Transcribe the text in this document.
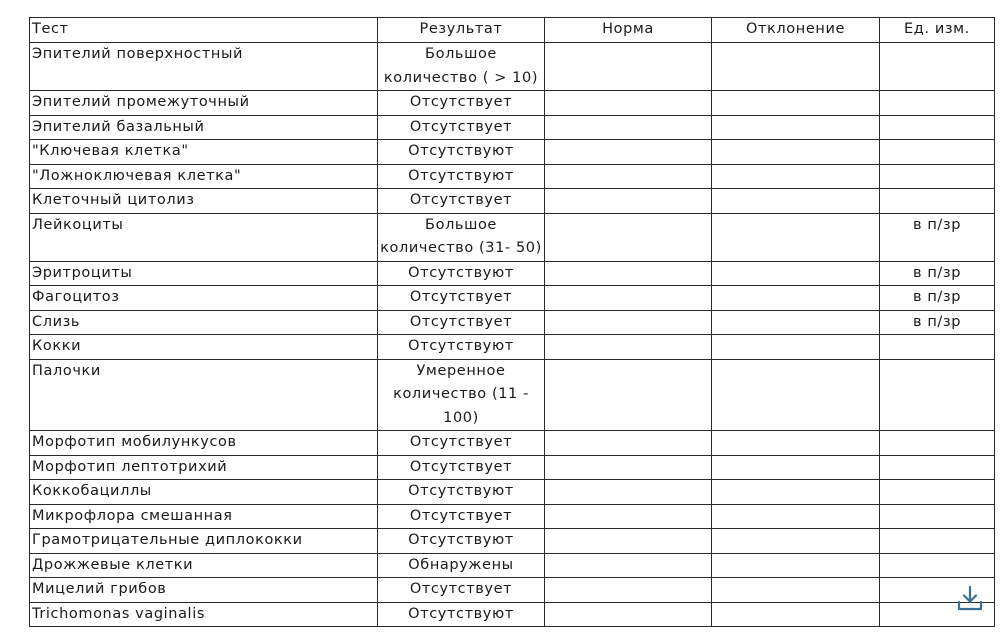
Тест	Результат	Норма	Отклонение	Ед. изм.
Эпителий поверхностный	Большое количество ( > 10)			
Эпителий промежуточный	Отсутствует			
Эпителий базальный	Отсутствует			
"Ключевая клетка"	Отсутствуют			
"Ложноключевая клетка"	Отсутствуют			
Клеточный цитолиз	Отсутствует			
Лейкоциты	Большое количество (31- 50)			в п/зр
Эритроциты	Отсутствуют			в п/зр
Фагоцитоз	Отсутствует			в п/зр
Слизь	Отсутствует			в п/зр
Кокки	Отсутствуют			
Палочки	Умеренное количество (11 - 100)			
Морфотип мобилункусов	Отсутствует			
Морфотип лептотрихий	Отсутствует			
Коккобациллы	Отсутствуют			
Микрофлора смешанная	Отсутствует			
Грамотрицательные диплококки	Отсутствуют			
Дрожжевые клетки	Обнаружены			
Мицелий грибов	Отсутствует			
Trichomonas vaginalis	Отсутствуют			
